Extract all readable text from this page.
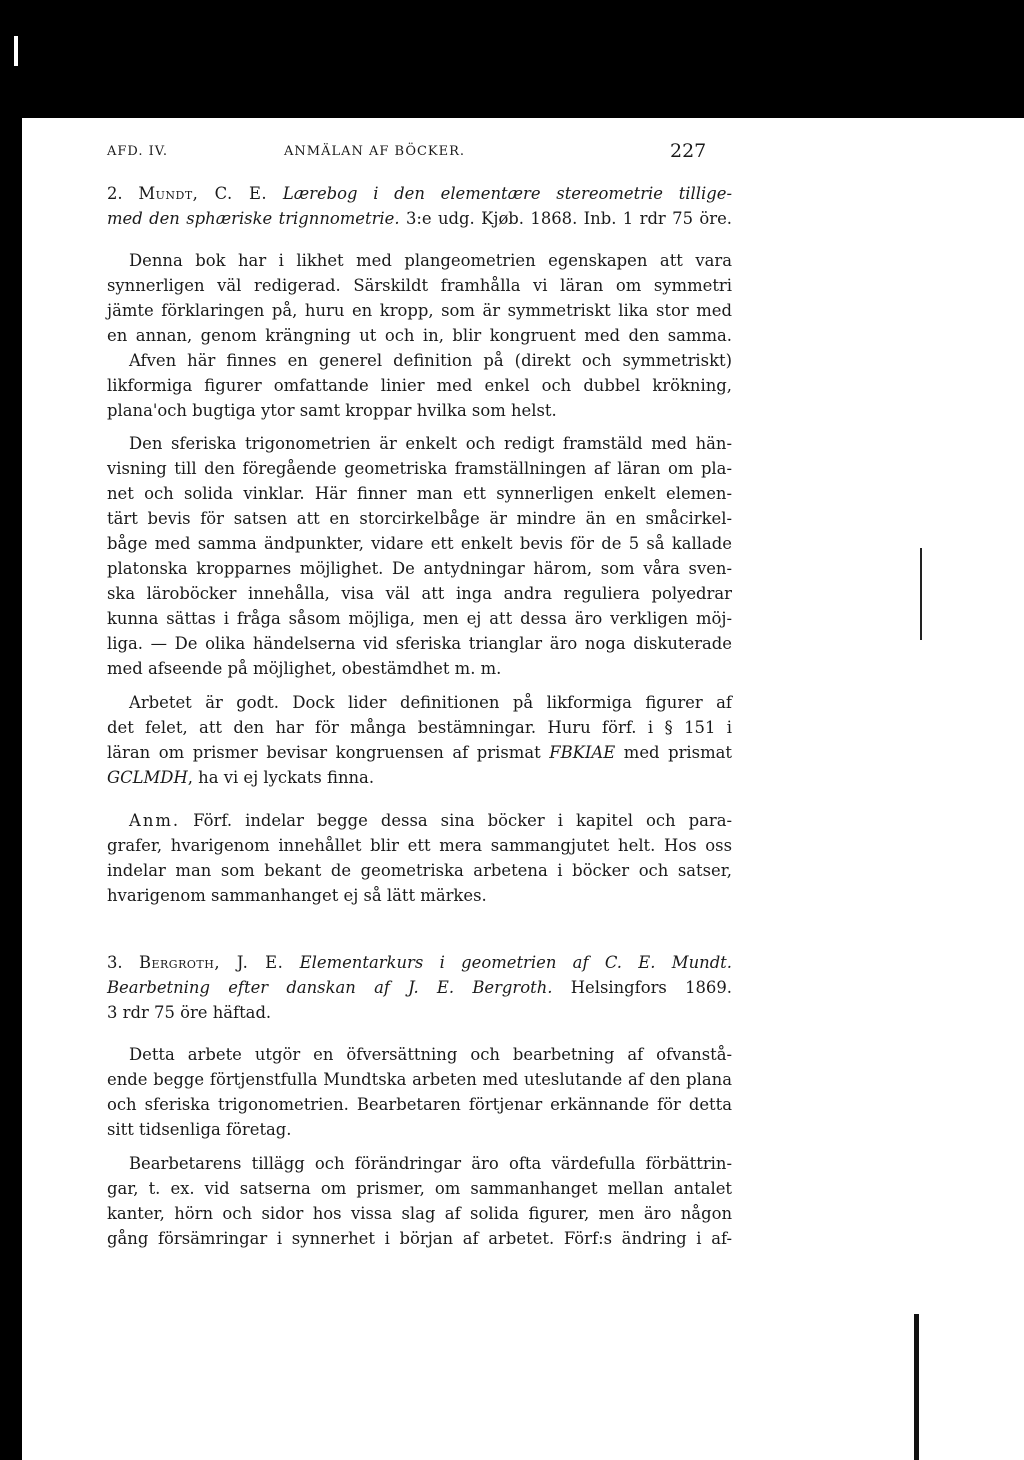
AFD. IV.	ANMÄLAN AF BÖCKER.	227
2. Mundt, C. E. Lærebog i den elementære stereometrie tillige-
med den sphæriske trignnometrie. 3:e udg. Kjøb. 1868. Inb. 1 rdr 75 öre.
Denna bok har i likhet med plangeometrien egenskapen att vara
synnerligen väl redigerad. Särskildt framhålla vi läran om symmetri
jämte förklaringen på, huru en kropp, som är symmetriskt lika stor med
en annan, genom krängning ut och in, blir kongruent med den samma.
Afven här finnes en generel definition på (direkt och symmetriskt)
likformiga figurer omfattande linier med enkel och dubbel krökning,
plana'och bugtiga ytor samt kroppar hvilka som helst.
Den sferiska trigonometrien är enkelt och redigt framstäld med hän-
visning till den föregående geometriska framställningen af läran om pla-
net och solida vinklar. Här finner man ett synnerligen enkelt elemen-
tärt bevis för satsen att en storcirkelbåge är mindre än en småcirkel-
båge med samma ändpunkter, vidare ett enkelt bevis för de 5 så kallade
platonska kropparnes möjlighet. De antydningar härom, som våra sven-
ska läroböcker innehålla, visa väl att inga andra reguliera polyedrar
kunna sättas i fråga såsom möjliga, men ej att dessa äro verkligen möj-
liga. — De olika händelserna vid sferiska trianglar äro noga diskuterade
med afseende på möjlighet, obestämdhet m. m.
Arbetet är godt. Dock lider definitionen på likformiga figurer af
det felet, att den har för många bestämningar. Huru förf. i § 151 i
läran om prismer bevisar kongruensen af prismat FBKIAE med prismat
GCLMDH, ha vi ej lyckats finna.
Anm. Förf. indelar begge dessa sina böcker i kapitel och para-
grafer, hvarigenom innehållet blir ett mera sammangjutet helt. Hos oss
indelar man som bekant de geometriska arbetena i böcker och satser,
hvarigenom sammanhanget ej så lätt märkes.
3. Bergroth, J. E. Elementarkurs i geometrien af C. E. Mundt.
Bearbetning efter danskan af J. E. Bergroth. Helsingfors 1869.
3 rdr 75 öre häftad.
Detta arbete utgör en öfversättning och bearbetning af ofvanstå-
ende begge förtjenstfulla Mundtska arbeten med uteslutande af den plana
och sferiska trigonometrien. Bearbetaren förtjenar erkännande för detta
sitt tidsenliga företag.
Bearbetarens tillägg och förändringar äro ofta värdefulla förbättrin-
gar, t. ex. vid satserna om prismer, om sammanhanget mellan antalet
kanter, hörn och sidor hos vissa slag af solida figurer, men äro någon
gång försämringar i synnerhet i början af arbetet. Förf:s ändring i af-
